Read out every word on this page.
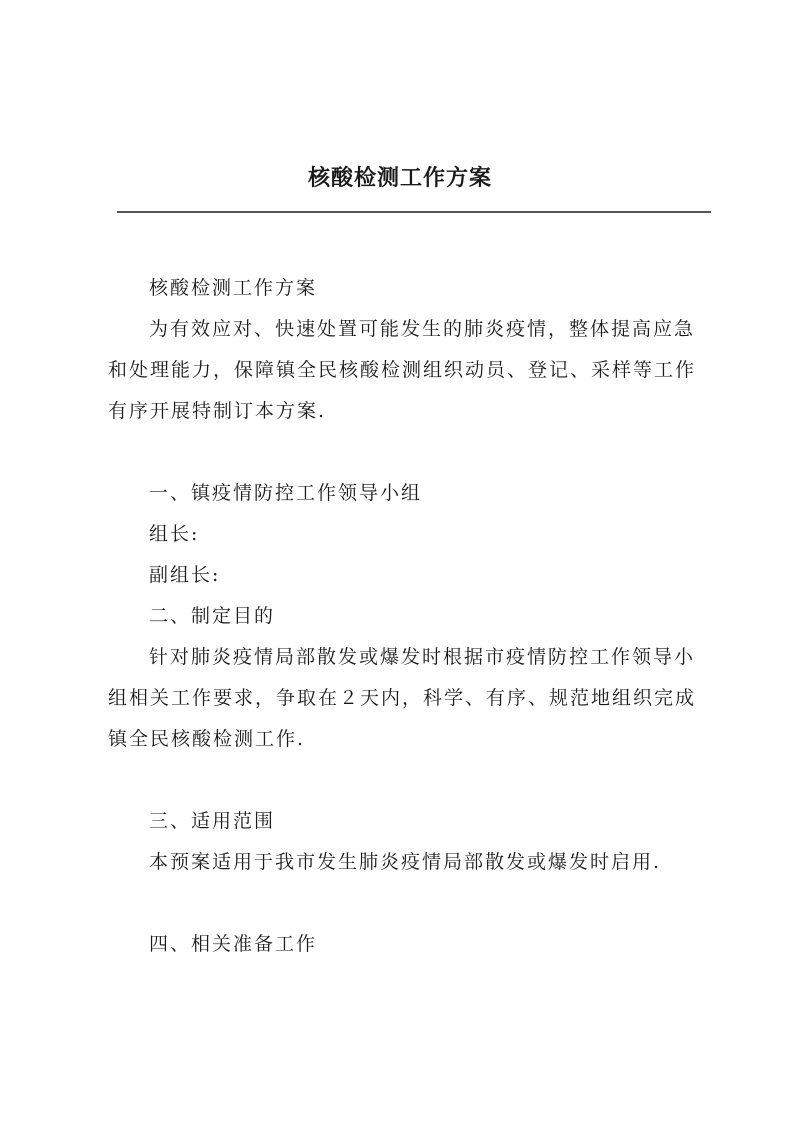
核酸检测工作方案

核酸检测工作方案

为有效应对、快速处置可能发生的肺炎疫情，整体提高应急和处理能力，保障镇全民核酸检测组织动员、登记、采样等工作有序开展特制订本方案.

一、镇疫情防控工作领导小组

组长:

副组长:

二、制定目的

针对肺炎疫情局部散发或爆发时根据市疫情防控工作领导小组相关工作要求，争取在２天内，科学、有序、规范地组织完成镇全民核酸检测工作.

三、适用范围

本预案适用于我市发生肺炎疫情局部散发或爆发时启用.

四、相关准备工作
